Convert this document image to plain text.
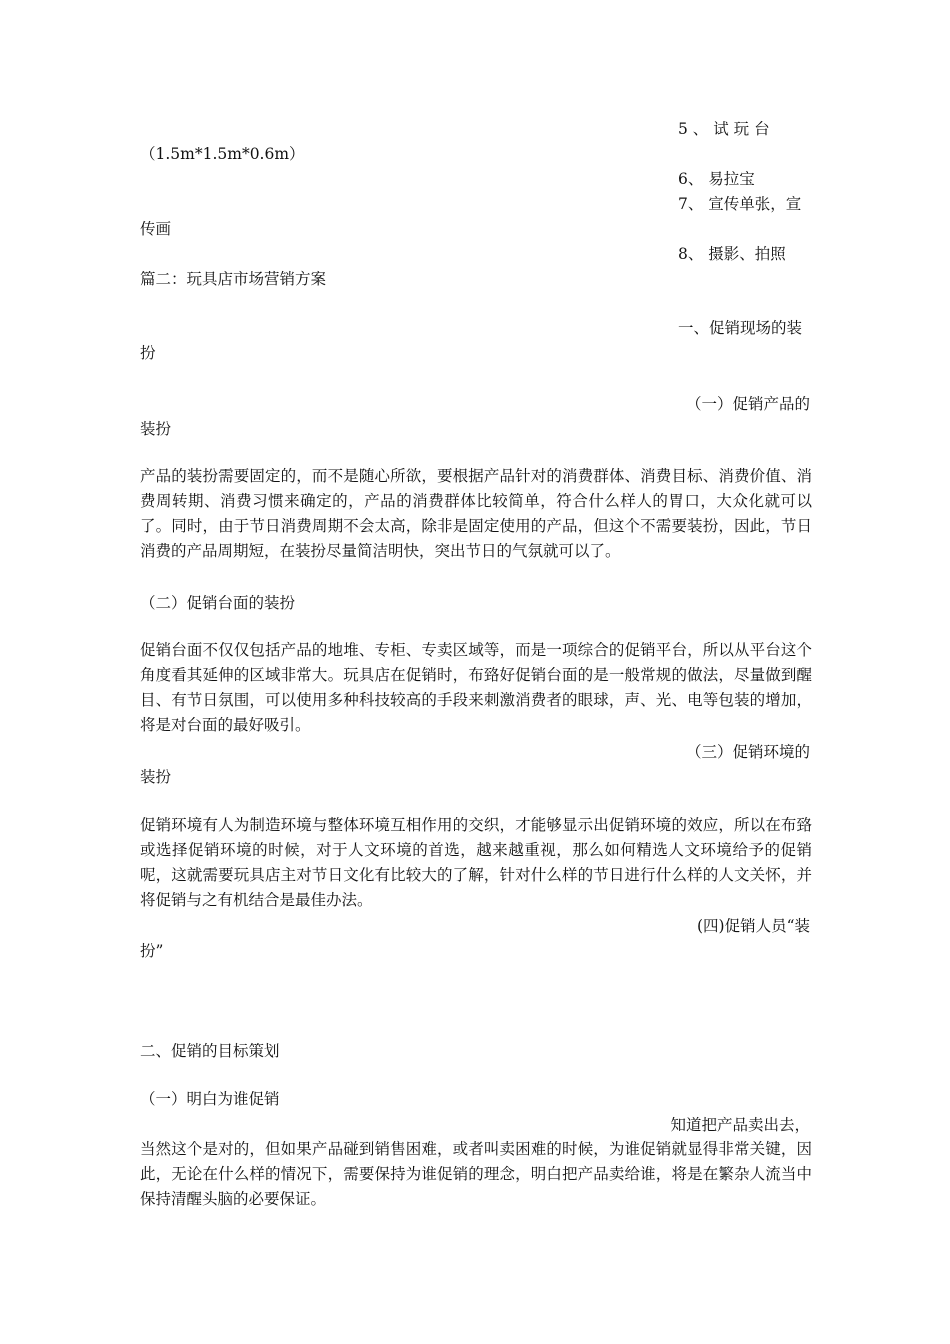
5 、 试 玩 台
（1.5m*1.5m*0.6m）
6、 易拉宝
7、 宣传单张，宣
传画
8、 摄影、拍照
篇二：玩具店市场营销方案
一、促销现场的装
扮
（一）促销产品的
装扮
产品的装扮需要固定的，而不是随心所欲，要根据产品针对的消费群体、消费目标、消费价值、消费周转期、消费习惯来确定的，产品的消费群体比较简单，符合什么样人的胃口，大众化就可以了。同时，由于节日消费周期不会太高，除非是固定使用的产品，但这个不需要装扮，因此，节日消费的产品周期短，在装扮尽量简洁明快，突出节日的气氛就可以了。
（二）促销台面的装扮
促销台面不仅仅包括产品的地堆、专柜、专卖区域等，而是一项综合的促销平台，所以从平台这个角度看其延伸的区域非常大。玩具店在促销时，布臵好促销台面的是一般常规的做法，尽量做到醒目、有节日氛围，可以使用多种科技较高的手段来刺激消费者的眼球，声、光、电等包装的增加，将是对台面的最好吸引。
（三）促销环境的
装扮
促销环境有人为制造环境与整体环境互相作用的交织，才能够显示出促销环境的效应，所以在布臵或选择促销环境的时候，对于人文环境的首选，越来越重视，那么如何精选人文环境给予的促销呢，这就需要玩具店主对节日文化有比较大的了解，针对什么样的节日进行什么样的人文关怀，并将促销与之有机结合是最佳办法。
(四)促销人员“装
扮”
二、促销的目标策划
（一）明白为谁促销
知道把产品卖出去，
当然这个是对的，但如果产品碰到销售困难，或者叫卖困难的时候，为谁促销就显得非常关键，因此，无论在什么样的情况下，需要保持为谁促销的理念，明白把产品卖给谁，将是在繁杂人流当中保持清醒头脑的必要保证。
